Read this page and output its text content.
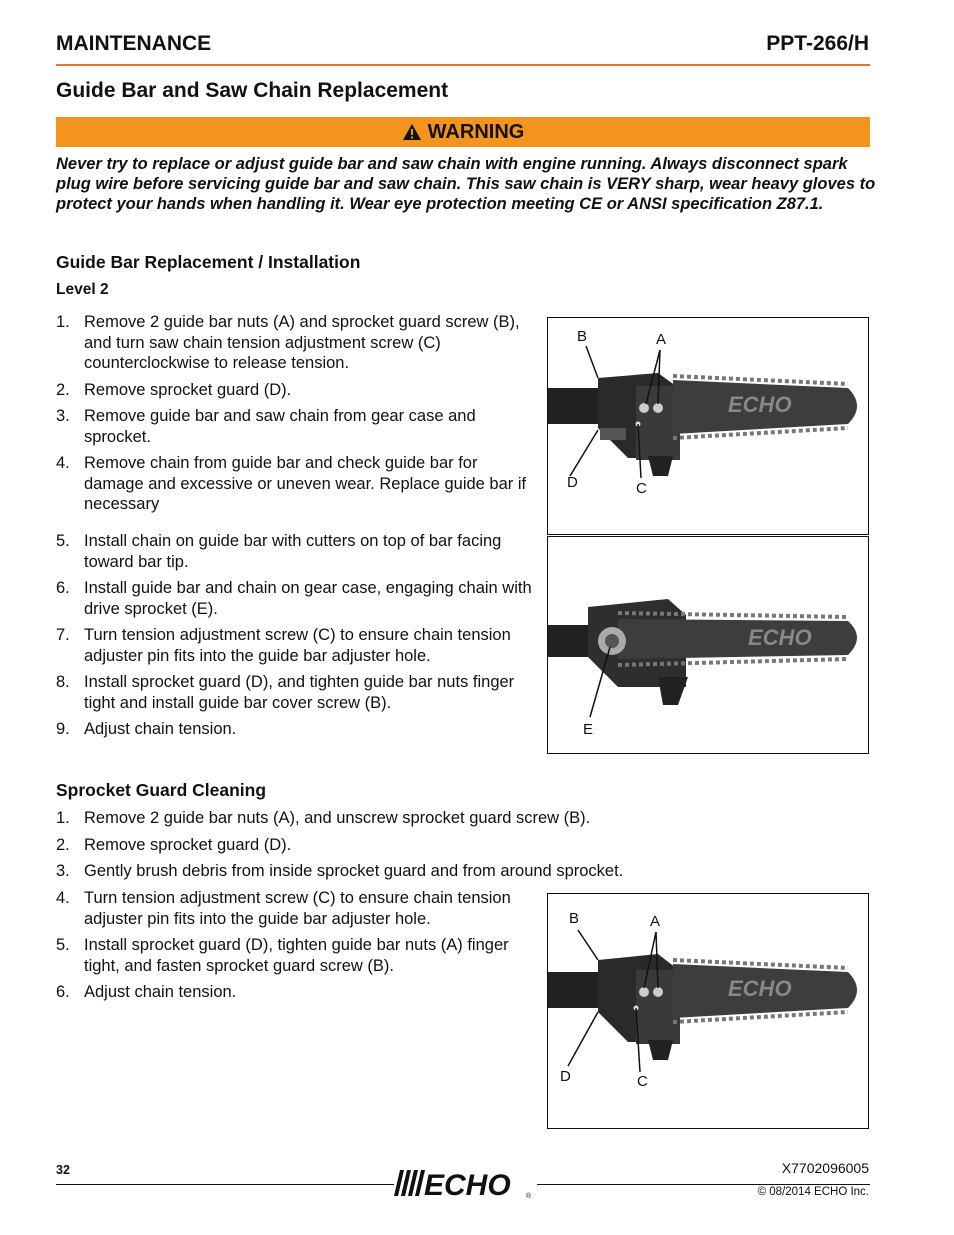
MAINTENANCE	PPT-266/H
Guide Bar and Saw Chain Replacement
WARNING
Never try to replace or adjust guide bar and saw chain with engine running. Always disconnect spark plug wire before servicing guide bar and saw chain. This saw chain is VERY sharp, wear heavy gloves to protect your hands when handling it. Wear eye protection meeting CE or ANSI specification Z87.1.
Guide Bar Replacement / Installation
Level 2
1. Remove 2 guide bar nuts (A) and sprocket guard screw (B), and turn saw chain tension adjustment screw (C) counterclockwise to release tension.
2. Remove sprocket guard (D).
3. Remove guide bar and saw chain from gear case and sprocket.
4. Remove chain from guide bar and check guide bar for damage and excessive or uneven wear. Replace guide bar if necessary
5. Install chain on guide bar with cutters on top of bar facing toward bar tip.
6. Install guide bar and chain on gear case, engaging chain with drive sprocket (E).
7. Turn tension adjustment screw (C) to ensure chain tension adjuster pin fits into the guide bar adjuster hole.
8. Install sprocket guard (D), and tighten guide bar nuts finger tight and install guide bar cover screw (B).
9. Adjust chain tension.
ECHO
B	A
D	C
ECHO
E
Sprocket Guard Cleaning
1. Remove 2 guide bar nuts (A), and unscrew sprocket guard screw (B).
2. Remove sprocket guard (D).
3. Gently brush debris from inside sprocket guard and from around sprocket.
4. Turn tension adjustment screw (C) to ensure chain tension adjuster pin fits into the guide bar adjuster hole.
5. Install sprocket guard (D), tighten guide bar nuts (A) finger tight, and fasten sprocket guard screw (B).
6. Adjust chain tension.	ECHO
B	A
D	C
32	ECHO ®
X7702096005
© 08/2014 ECHO Inc.
